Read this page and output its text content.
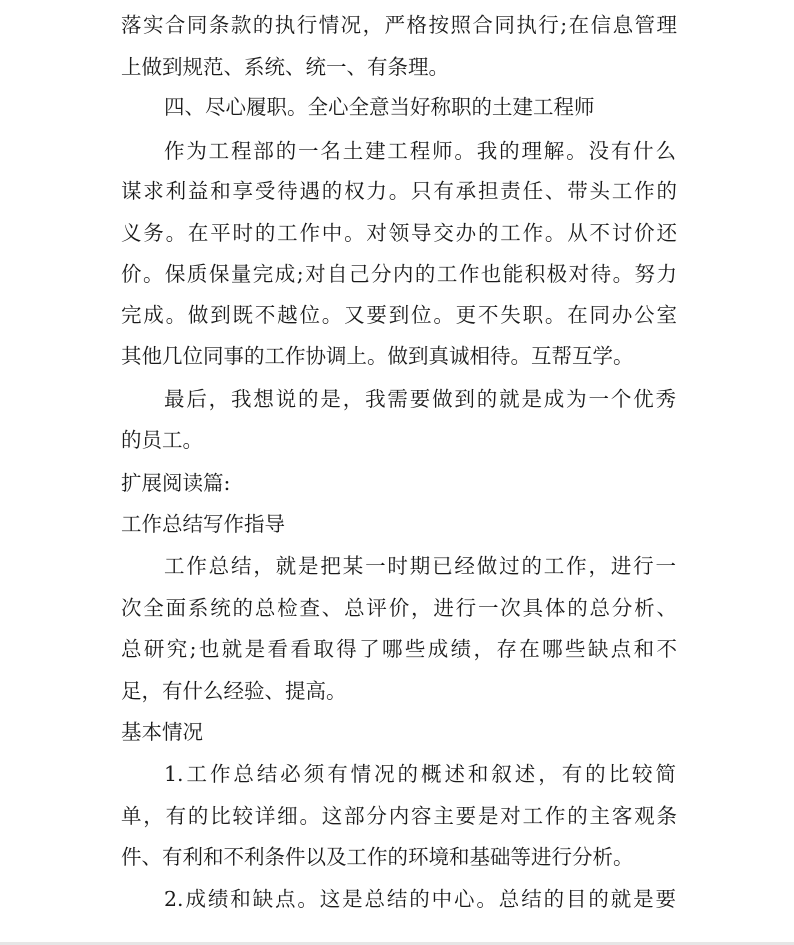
落实合同条款的执行情况，严格按照合同执行;在信息管理
上做到规范、系统、统一、有条理。
四、尽心履职。全心全意当好称职的土建工程师
作为工程部的一名土建工程师。我的理解。没有什么
谋求利益和享受待遇的权力。只有承担责任、带头工作的
义务。在平时的工作中。对领导交办的工作。从不讨价还
价。保质保量完成;对自己分内的工作也能积极对待。努力
完成。做到既不越位。又要到位。更不失职。在同办公室
其他几位同事的工作协调上。做到真诚相待。互帮互学。
最后，我想说的是，我需要做到的就是成为一个优秀
的员工。
扩展阅读篇:
工作总结写作指导
工作总结，就是把某一时期已经做过的工作，进行一
次全面系统的总检查、总评价，进行一次具体的总分析、
总研究;也就是看看取得了哪些成绩，存在哪些缺点和不
足，有什么经验、提高。
基本情况
1.工作总结必须有情况的概述和叙述，有的比较简
单，有的比较详细。这部分内容主要是对工作的主客观条
件、有利和不利条件以及工作的环境和基础等进行分析。
2.成绩和缺点。这是总结的中心。总结的目的就是要
